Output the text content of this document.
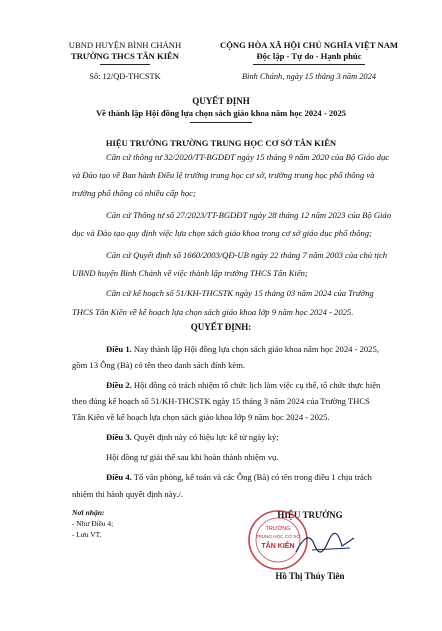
UBND HUYỆN BÌNH CHÁNH
TRƯỜNG THCS TÂN KIÊN
Số: 12/QĐ-THCSTK
CỘNG HÒA XÃ HỘI CHỦ NGHĨA VIỆT NAM
Độc lập - Tự do - Hạnh phúc
Bình Chánh, ngày 15 tháng 3 năm 2024
QUYẾT ĐỊNH
Về thành lập Hội đồng lựa chọn sách giáo khoa năm học 2024 - 2025
HIỆU TRƯỞNG TRƯỜNG TRUNG HỌC CƠ SỞ TÂN KIÊN
Căn cứ thông tư 32/2020/TT-BGDĐT ngày 15 tháng 9 năm 2020 của Bộ Giáo dục
và Đào tạo về Ban hành Điều lệ trường trung học cơ sở, trường trung học phổ thông và
trường phổ thông có nhiều cấp học;
Căn cứ Thông tư số 27/2023/TT-BGDĐT ngày 28 tháng 12 năm 2023 của Bộ Giáo
dục và Đào tạo quy định việc lựa chọn sách giáo khoa trong cơ sở giáo dục phổ thông;
Căn cứ Quyết định số 1660/2003/QĐ-UB ngày 22 tháng 7 năm 2003 của chủ tịch
UBND huyện Bình Chánh về việc thành lập trường THCS Tân Kiên;
Căn cứ kế hoạch số 51/KH-THCSTK ngày 15 tháng 03 năm 2024 của Trường
THCS Tân Kiên về kế hoạch lựa chọn sách giáo khoa lớp 9 năm học 2024 - 2025.
QUYẾT ĐỊNH:
Điều 1. Nay thành lập Hội đồng lựa chọn sách giáo khoa năm học 2024 - 2025,
gồm 13 Ông (Bà) có tên theo danh sách đính kèm.
Điều 2. Hội đồng có trách nhiệm tổ chức lịch làm việc cụ thể, tổ chức thực hiện
theo đúng kế hoạch số 51/KH-THCSTK ngày 15 tháng 3 năm 2024 của Trường THCS
Tân Kiên về kế hoạch lựa chọn sách giáo khoa lớp 9 năm học 2024 - 2025.
Điều 3. Quyết định này có hiệu lực kể từ ngày ký;
Hội đồng tự giải thể sau khi hoàn thành nhiệm vụ.
Điều 4. Tổ văn phòng, kế toán và các Ông (Bà) có tên trong điều 1 chịu trách
nhiệm thi hành quyết định này./.
Nơi nhận:
- Như Điều 4;
- Lưu VT.
HIỆU TRƯỞNG
TRƯỜNG
TRUNG HỌC CƠ SỞ
TÂN KIÊN
Hồ Thị Thúy Tiên
